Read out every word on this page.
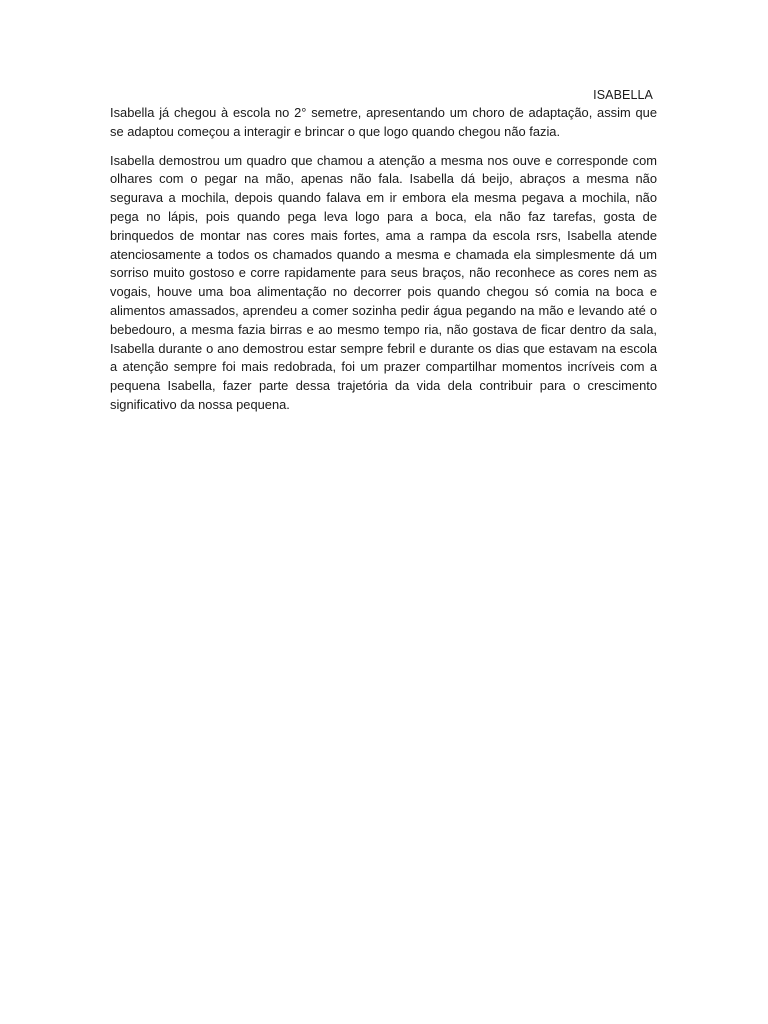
ISABELLA

Isabella já chegou à escola no 2° semetre, apresentando um choro de adaptação, assim que se adaptou começou a interagir e brincar o que logo quando chegou não fazia.

Isabella demostrou um quadro que chamou a atenção a mesma nos ouve e corresponde com olhares com o pegar na mão, apenas não fala. Isabella dá beijo, abraços a mesma não segurava a mochila, depois quando falava em ir embora ela mesma pegava a mochila, não pega no lápis, pois quando pega leva logo para a boca, ela não faz tarefas, gosta de brinquedos de montar nas cores mais fortes, ama a rampa da escola rsrs, Isabella atende atenciosamente a todos os chamados quando a mesma e chamada ela simplesmente dá um sorriso muito gostoso e corre rapidamente para seus braços, não reconhece as cores nem as vogais, houve uma boa alimentação no decorrer pois quando chegou só comia na boca e alimentos amassados, aprendeu a comer sozinha pedir água pegando na mão e levando até o bebedouro, a mesma fazia birras e ao mesmo tempo ria, não gostava de ficar dentro da sala, Isabella durante o ano demostrou estar sempre febril e durante os dias que estavam na escola a atenção sempre foi mais redobrada, foi um prazer compartilhar momentos incríveis com a pequena Isabella, fazer parte dessa trajetória da vida dela contribuir para o crescimento significativo da nossa pequena.
